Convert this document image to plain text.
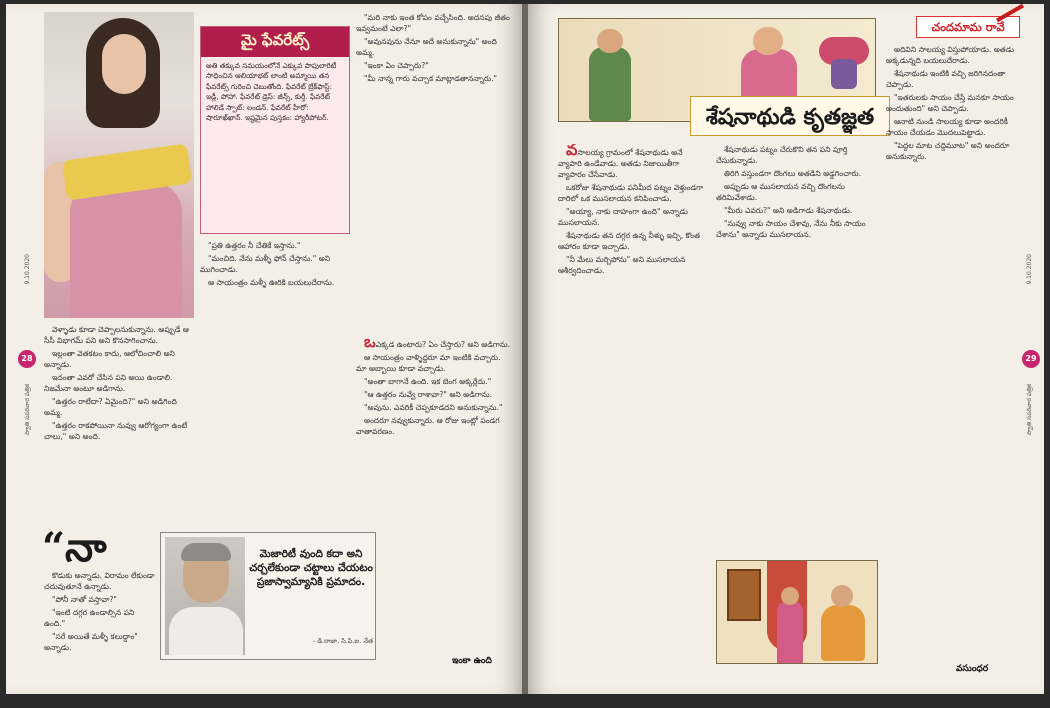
9.10.2020
28
స్వాతి సపరివార పత్రిక
మై ఫేవరేట్స్
అతి తక్కువ సమయంలోనే ఎక్కువ పాపులారిటీ సాధించిన ఆలియాభట్ లాంటి అమ్మాయి తన ఫేవరేట్స్ గురించి చెబుతోంది. ఫేవరేట్ బ్రేక్‌ఫాస్ట్: ఇడ్లీ, పోహా. ఫేవరేట్ డ్రెస్: జీన్స్, కుర్తీ. ఫేవరేట్ హాలిడే స్పాట్: లండన్. ఫేవరేట్ హీరో: షారూఖ్‌ఖాన్. ఇష్టమైన పుస్తకం: హ్యారీపోటర్.

"ప్రతి ఉత్తరం నీ చేతికే ఇస్తాను."

"మంచిది. నేను మళ్ళీ ఫోన్ చేస్తాను." అని ముగించాడు.

ఆ సాయంత్రం మళ్ళీ ఊరికి బయలుదేరాను.

వెళ్ళాడు కూడా చెప్పాలనుకున్నాను. అప్పుడే ఆ సీసీ విభాగమ్ పని అని కొనసాగించాను.

ఇల్లంతా వెతకటం కాదు, ఆలోచించాలి అని అన్నాడు.

ఇదంతా ఎవరో చేసిన పని అయి ఉండాలి. నిజమేనా అంటూ అడిగాను.

"ఉత్తరం రాలేదా? ఏమైంది?" అని అడిగింది అమ్మ.

"ఉత్తరం రాకపోయినా నువ్వు ఆరోగ్యంగా ఉంటే చాలు," అని అంది.

“నా

కొడుకు అన్నాడు. విరామం లేకుండా చదువుతూనే ఉన్నాడు.

"పోనీ నాతో వస్తావా?"

"ఇంటి దగ్గర ఉండాల్సిన పని ఉంది."

"సరే అయితే మళ్ళీ కలుద్దాం" అన్నాడు.

"మరి నాకు ఇంత కోపం వచ్చేసింది. అదనపు జీతం ఇవ్వమంటే ఎలా?"

"అవునవును నేనూ అదే అనుకున్నాను" అంది అమ్మ.

"ఇంకా ఏం చెప్పారు?"

"మీ నాన్న గారు వచ్చాక మాట్లాడతానన్నారు."

ఒఎక్కడ ఉంటారు? ఏం చేస్తారు? అని అడిగాను.

ఆ సాయంత్రం వాళ్ళిద్దరూ మా ఇంటికి వచ్చారు. మా అబ్బాయి కూడా వచ్చాడు.

"అంతా బాగానే ఉంది. ఇక బెంగ అక్కర్లేదు."

"ఆ ఉత్తరం నువ్వే రాశావా?" అని అడిగాను.

"అవును. ఎవరికీ చెప్పకూడదని అనుకున్నాను."

అందరూ నవ్వుకున్నారు. ఆ రోజు ఇంట్లో పండగ వాతావరణం.

మెజారిటీ వుంది కదా అని చర్చలేకుండా చట్టాలు చేయటం ప్రజాస్వామ్యానికి ప్రమాదం.
- డి.రాజా, సి.పి.ఐ. నేత
ఇంకా ఉంది
చందమామ రావే
శేషనాథుడి కృతజ్ఞత

వసాలయ్య గ్రామంలో శేషనాథుడు అనే వ్యాపారి ఉండేవాడు. అతడు నిజాయితీగా వ్యాపారం చేసేవాడు.

ఒకరోజు శేషనాథుడు పనిమీద పట్నం వెళ్తుండగా దారిలో ఒక ముసలాయన కనిపించాడు.

"అయ్యా, నాకు దాహంగా ఉంది" అన్నాడు ముసలాయన.

శేషనాథుడు తన దగ్గర ఉన్న నీళ్ళు ఇచ్చి, కొంత ఆహారం కూడా ఇచ్చాడు.

"నీ మేలు మర్చిపోను" అని ముసలాయన ఆశీర్వదించాడు.

శేషనాథుడు పట్నం చేరుకొని తన పని పూర్తి చేసుకున్నాడు.

తిరిగి వస్తుండగా దొంగలు అతడిని అడ్డగించారు.

అప్పుడు ఆ ముసలాయన వచ్చి దొంగలను తరిమివేశాడు.

"మీరు ఎవరు?" అని అడిగాడు శేషనాథుడు.

"నువ్వు నాకు సాయం చేశావు, నేను నీకు సాయం చేశాను" అన్నాడు ముసలాయన.

అదివిని సాలయ్య విస్తుపోయాడు. అతడు అక్కడున్నది బయలుదేరాడు.

శేషనాథుడు ఇంటికి వచ్చి జరిగినదంతా చెప్పాడు.

"ఇతరులకు సాయం చేస్తే మనకూ సాయం అందుతుంది" అని చెప్పాడు.

ఆనాటి నుండి సాలయ్య కూడా అందరికీ సాయం చేయడం మొదలుపెట్టాడు.

"పెద్దల మాట చద్దిమూట" అని అందరూ అనుకున్నారు.

29
9.10.2020
స్వాతి సపరివార పత్రిక
వసుంధర
